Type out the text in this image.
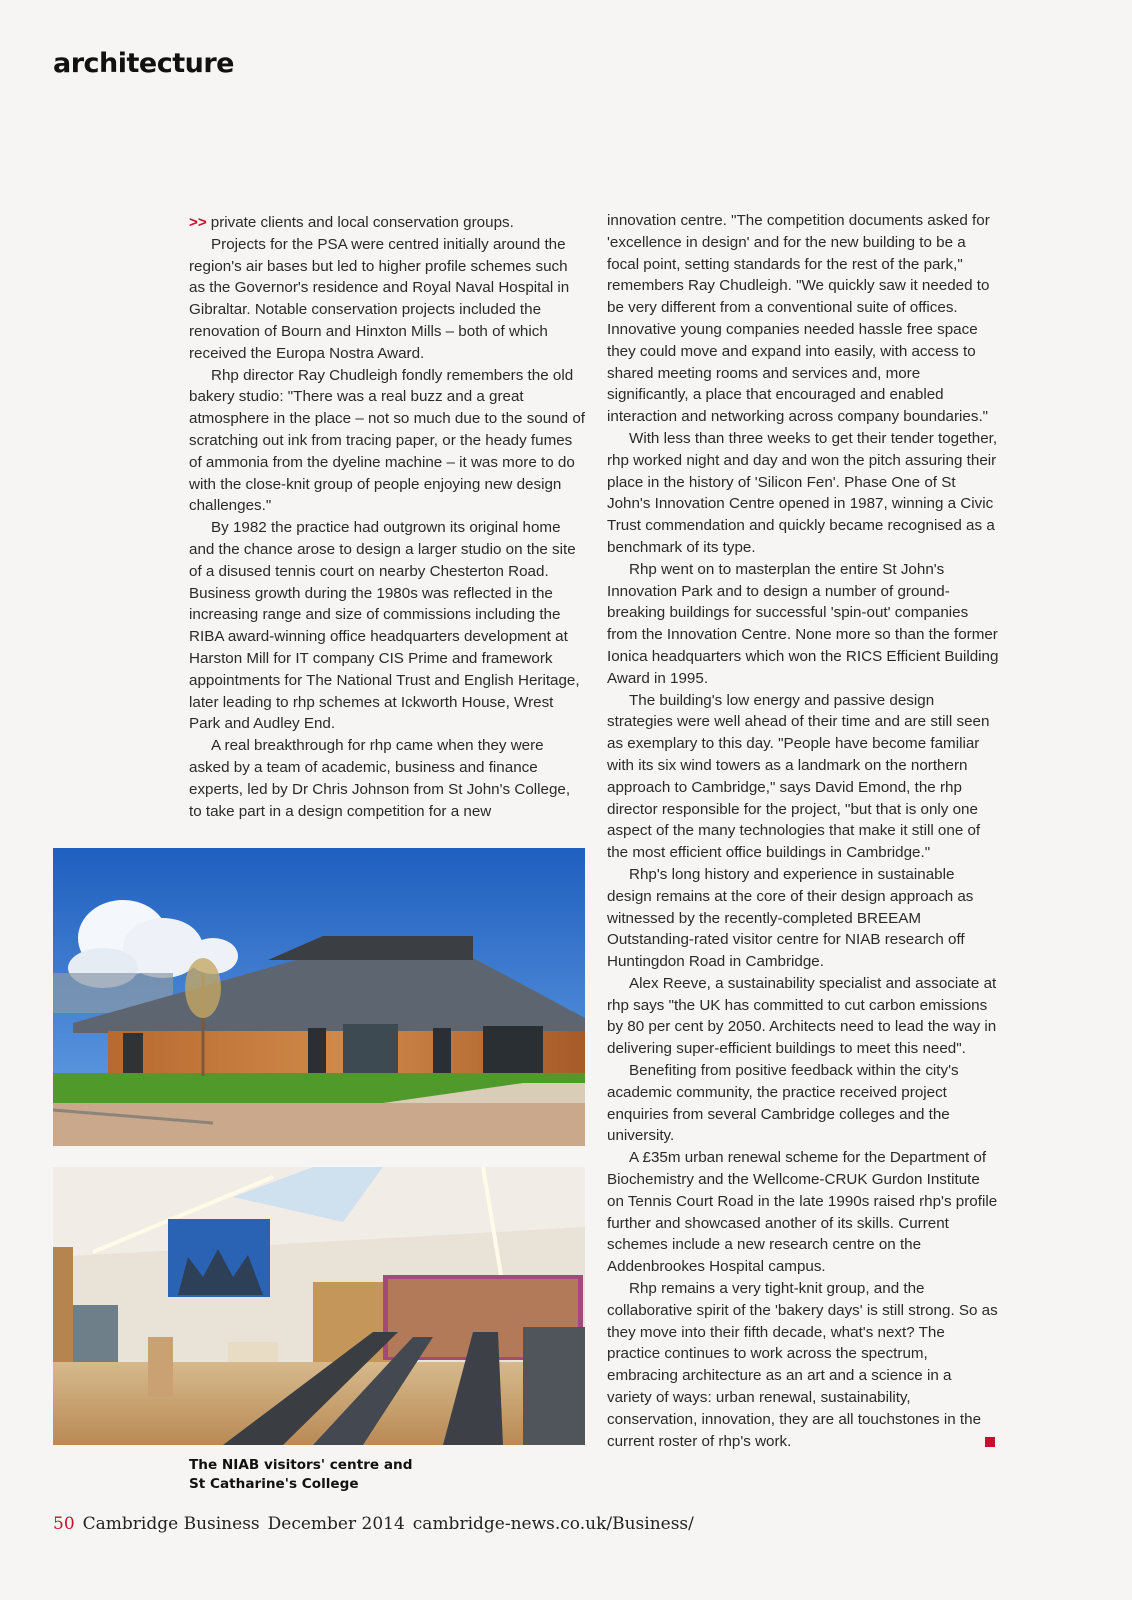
architecture

>> private clients and local conservation groups.

Projects for the PSA were centred initially around the region's air bases but led to higher profile schemes such as the Governor's residence and Royal Naval Hospital in Gibraltar. Notable conservation projects included the renovation of Bourn and Hinxton Mills – both of which received the Europa Nostra Award.

Rhp director Ray Chudleigh fondly remembers the old bakery studio: "There was a real buzz and a great atmosphere in the place – not so much due to the sound of scratching out ink from tracing paper, or the heady fumes of ammonia from the dyeline machine – it was more to do with the close-knit group of people enjoying new design challenges."

By 1982 the practice had outgrown its original home and the chance arose to design a larger studio on the site of a disused tennis court on nearby Chesterton Road. Business growth during the 1980s was reflected in the increasing range and size of commissions including the RIBA award-winning office headquarters development at Harston Mill for IT company CIS Prime and framework appointments for The National Trust and English Heritage, later leading to rhp schemes at Ickworth House, Wrest Park and Audley End.

A real breakthrough for rhp came when they were asked by a team of academic, business and finance experts, led by Dr Chris Johnson from St John's College, to take part in a design competition for a new

innovation centre. "The competition documents asked for 'excellence in design' and for the new building to be a focal point, setting standards for the rest of the park," remembers Ray Chudleigh. "We quickly saw it needed to be very different from a conventional suite of offices. Innovative young companies needed hassle free space they could move and expand into easily, with access to shared meeting rooms and services and, more significantly, a place that encouraged and enabled interaction and networking across company boundaries."

With less than three weeks to get their tender together, rhp worked night and day and won the pitch assuring their place in the history of 'Silicon Fen'. Phase One of St John's Innovation Centre opened in 1987, winning a Civic Trust commendation and quickly became recognised as a benchmark of its type.

Rhp went on to masterplan the entire St John's Innovation Park and to design a number of ground-breaking buildings for successful 'spin-out' companies from the Innovation Centre. None more so than the former Ionica headquarters which won the RICS Efficient Building Award in 1995.

The building's low energy and passive design strategies were well ahead of their time and are still seen as exemplary to this day. "People have become familiar with its six wind towers as a landmark on the northern approach to Cambridge," says David Emond, the rhp director responsible for the project, "but that is only one aspect of the many technologies that make it still one of the most efficient office buildings in Cambridge."

Rhp's long history and experience in sustainable design remains at the core of their design approach as witnessed by the recently-completed BREEAM Outstanding-rated visitor centre for NIAB research off Huntingdon Road in Cambridge.

Alex Reeve, a sustainability specialist and associate at rhp says "the UK has committed to cut carbon emissions by 80 per cent by 2050. Architects need to lead the way in delivering super-efficient buildings to meet this need".

Benefiting from positive feedback within the city's academic community, the practice received project enquiries from several Cambridge colleges and the university.

A £35m urban renewal scheme for the Department of Biochemistry and the Wellcome-CRUK Gurdon Institute on Tennis Court Road in the late 1990s raised rhp's profile further and showcased another of its skills. Current schemes include a new research centre on the Addenbrookes Hospital campus.

Rhp remains a very tight-knit group, and the collaborative spirit of the 'bakery days' is still strong. So as they move into their fifth decade, what's next? The practice continues to work across the spectrum, embracing architecture as an art and a science in a variety of ways: urban renewal, sustainability, conservation, innovation, they are all touchstones in the current roster of rhp's work.

The NIAB visitors' centre and
St Catharine's College
50 Cambridge Business December 2014 cambridge-news.co.uk/Business/
